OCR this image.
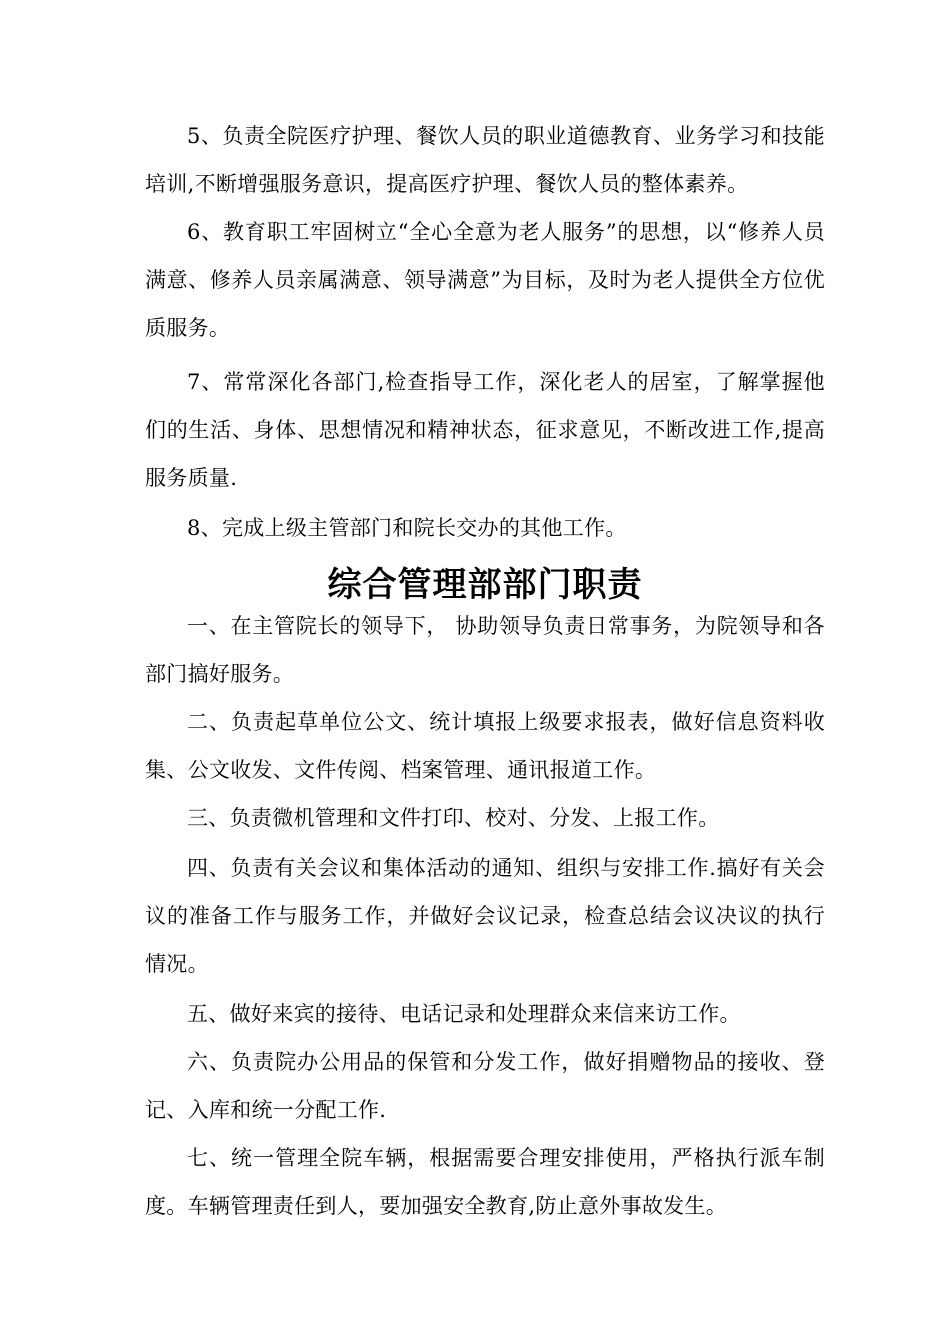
5、负责全院医疗护理、餐饮人员的职业道德教育、业务学习和技能培训,不断增强服务意识，提高医疗护理、餐饮人员的整体素养。

6、教育职工牢固树立“全心全意为老人服务”的思想，以“修养人员满意、修养人员亲属满意、领导满意”为目标，及时为老人提供全方位优质服务。

7、常常深化各部门,检查指导工作，深化老人的居室，了解掌握他们的生活、身体、思想情况和精神状态，征求意见，不断改进工作,提高服务质量.

8、完成上级主管部门和院长交办的其他工作。

综合管理部部门职责

一、在主管院长的领导下， 协助领导负责日常事务，为院领导和各部门搞好服务。

二、负责起草单位公文、统计填报上级要求报表，做好信息资料收集、公文收发、文件传阅、档案管理、通讯报道工作。

三、负责微机管理和文件打印、校对、分发、上报工作。

四、负责有关会议和集体活动的通知、组织与安排工作.搞好有关会议的准备工作与服务工作，并做好会议记录，检查总结会议决议的执行情况。

五、做好来宾的接待、电话记录和处理群众来信来访工作。

六、负责院办公用品的保管和分发工作，做好捐赠物品的接收、登记、入库和统一分配工作.

七、统一管理全院车辆，根据需要合理安排使用，严格执行派车制度。车辆管理责任到人，要加强安全教育,防止意外事故发生。
